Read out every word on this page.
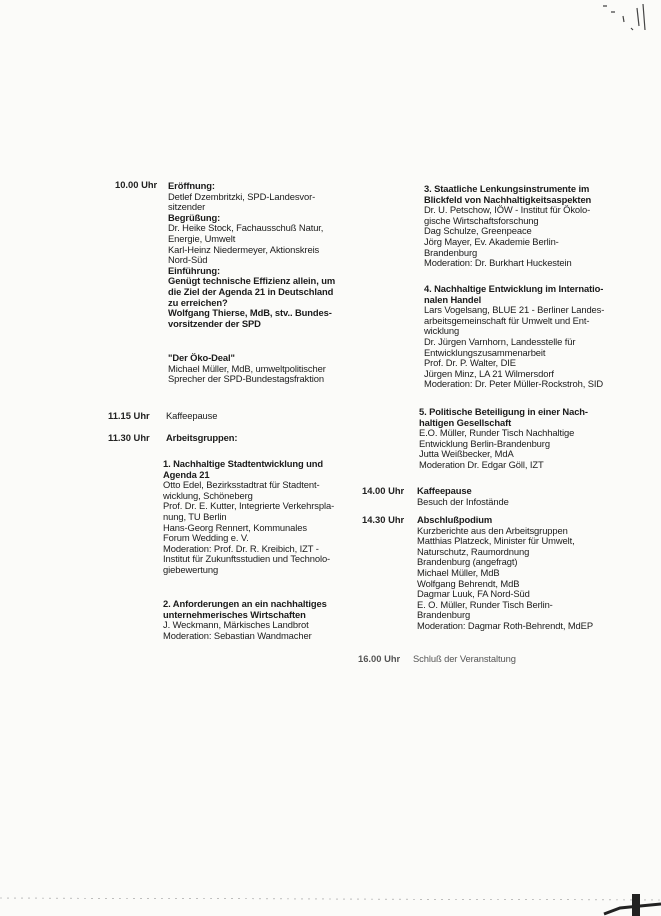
10.00 Uhr
11.15 Uhr
11.30 Uhr
Eröffnung:
Detlef Dzembritzki, SPD-Landesvor-
sitzender
Begrüßung:
Dr. Heike Stock, Fachausschuß Natur,
Energie, Umwelt
Karl-Heinz Niedermeyer, Aktionskreis
Nord-Süd
Einführung:
Genügt technische Effizienz allein, um
die Ziel der Agenda 21 in Deutschland
zu erreichen?
Wolfgang Thierse, MdB, stv.. Bundes-
vorsitzender der SPD
"Der Öko-Deal"
Michael Müller, MdB, umweltpolitischer
Sprecher der SPD-Bundestagsfraktion
Kaffeepause
Arbeitsgruppen:
1. Nachhaltige Stadtentwicklung und
Agenda 21
Otto Edel, Bezirksstadtrat für Stadtent-
wicklung, Schöneberg
Prof. Dr. E. Kutter, Integrierte Verkehrspla-
nung, TU Berlin
Hans-Georg Rennert, Kommunales
Forum Wedding e. V.
Moderation: Prof. Dr. R. Kreibich, IZT -
Institut für Zukunftsstudien und Technolo-
giebewertung
2. Anforderungen an ein nachhaltiges
unternehmerisches Wirtschaften
J. Weckmann, Märkisches Landbrot
Moderation: Sebastian Wandmacher
3. Staatliche Lenkungsinstrumente im
Blickfeld von Nachhaltigkeitsaspekten
Dr. U. Petschow, IÖW - Institut für Ökolo-
gische Wirtschaftsforschung
Dag Schulze, Greenpeace
Jörg Mayer, Ev. Akademie Berlin-
Brandenburg
Moderation: Dr. Burkhart Huckestein
4. Nachhaltige Entwicklung im Internatio-
nalen Handel
Lars Vogelsang, BLUE 21 - Berliner Landes-
arbeitsgemeinschaft für Umwelt und Ent-
wicklung
Dr. Jürgen Varnhorn, Landesstelle für
Entwicklungszusammenarbeit
Prof. Dr. P. Walter, DIE
Jürgen Minz, LA 21 Wilmersdorf
Moderation: Dr. Peter Müller-Rockstroh, SID
5. Politische Beteiligung in einer Nach-
haltigen Gesellschaft
E.O. Müller, Runder Tisch Nachhaltige
Entwicklung Berlin-Brandenburg
Jutta Weißbecker, MdA
Moderation Dr. Edgar Göll, IZT
14.00 Uhr Kaffeepause
Besuch der Infostände
14.30 Uhr Abschlußpodium
Kurzberichte aus den Arbeitsgruppen
Matthias Platzeck, Minister für Umwelt,
Naturschutz, Raumordnung
Brandenburg (angefragt)
Michael Müller, MdB
Wolfgang Behrendt, MdB
Dagmar Luuk, FA Nord-Süd
E. O. Müller, Runder Tisch Berlin-
Brandenburg
Moderation: Dagmar Roth-Behrendt, MdEP
16.00 Uhr Schluß der Veranstaltung
